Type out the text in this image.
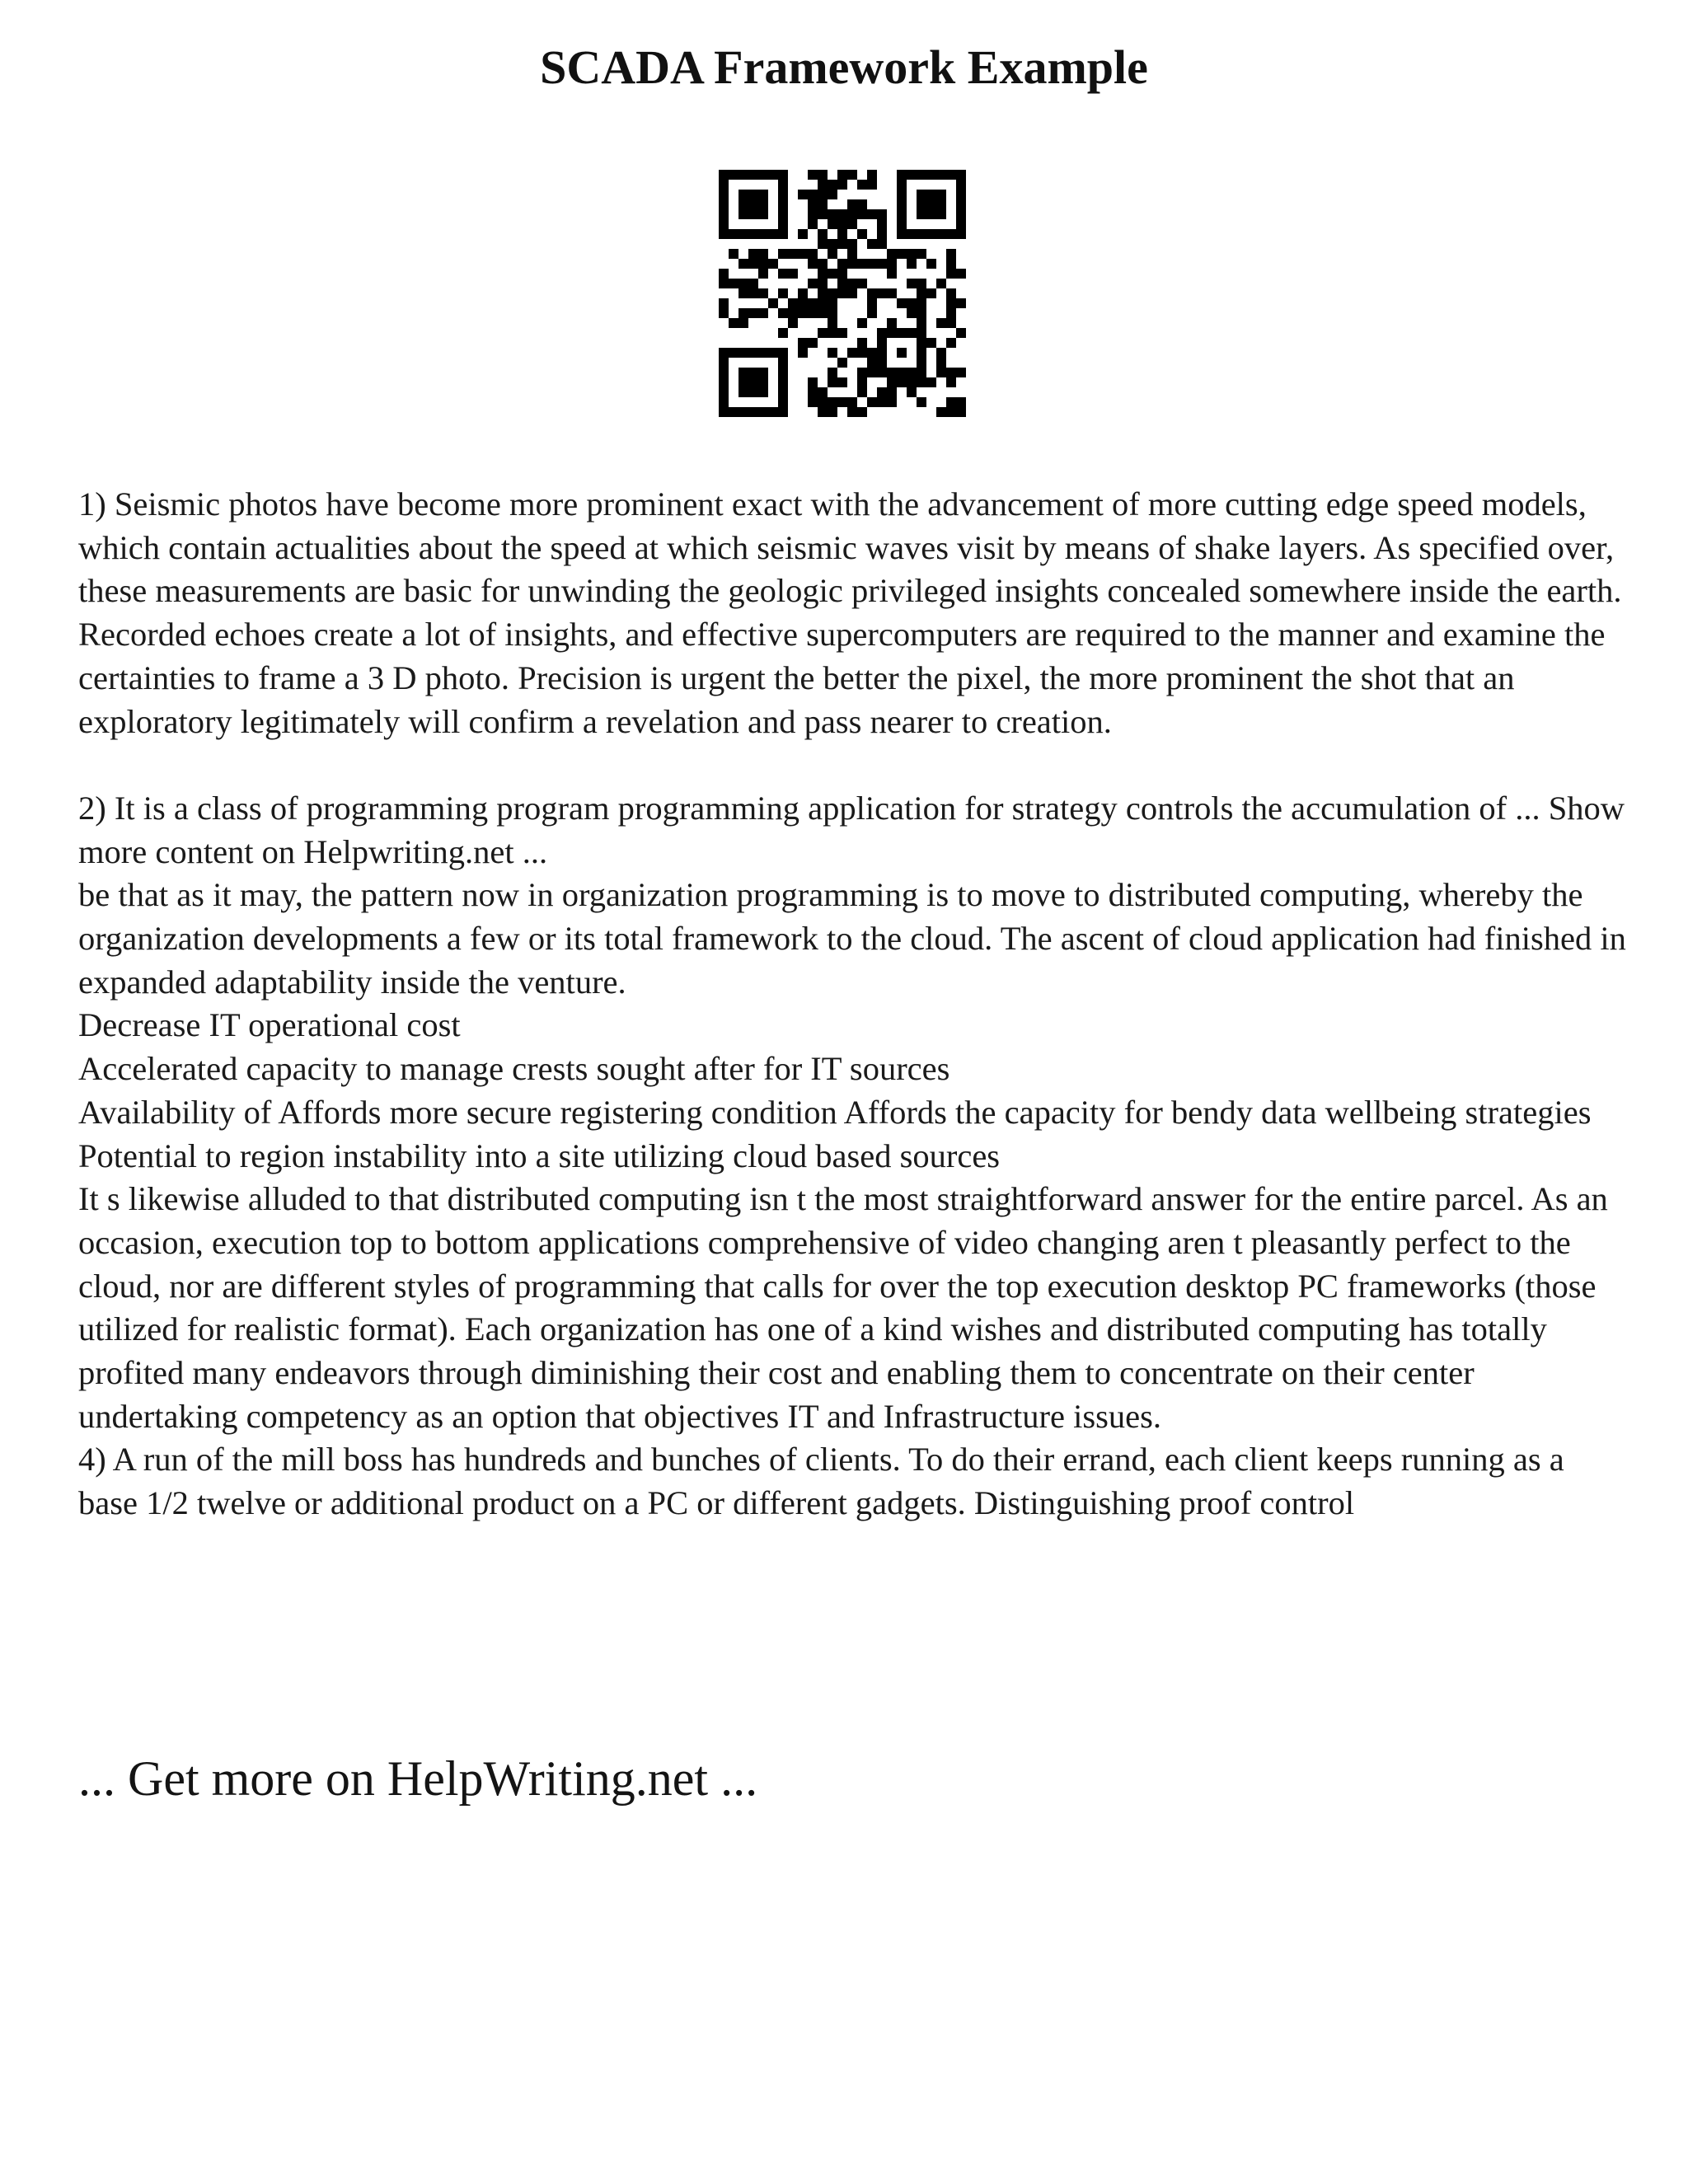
SCADA Framework Example

1) Seismic photos have become more prominent exact with the advancement of more cutting edge speed models, which contain actualities about the speed at which seismic waves visit by means of shake layers. As specified over, these measurements are basic for unwinding the geologic privileged insights concealed somewhere inside the earth. Recorded echoes create a lot of insights, and effective supercomputers are required to the manner and examine the certainties to frame a 3 D photo. Precision is urgent the better the pixel, the more prominent the shot that an exploratory legitimately will confirm a revelation and pass nearer to creation.

2) It is a class of programming program programming application for strategy controls the accumulation of ... Show more content on Helpwriting.net ...

be that as it may, the pattern now in organization programming is to move to distributed computing, whereby the organization developments a few or its total framework to the cloud. The ascent of cloud application had finished in expanded adaptability inside the venture.

Decrease IT operational cost

Accelerated capacity to manage crests sought after for IT sources

Availability of Affords more secure registering condition Affords the capacity for bendy data wellbeing strategies

Potential to region instability into a site utilizing cloud based sources

It s likewise alluded to that distributed computing isn t the most straightforward answer for the entire parcel. As an occasion, execution top to bottom applications comprehensive of video changing aren t pleasantly perfect to the cloud, nor are different styles of programming that calls for over the top execution desktop PC frameworks (those utilized for realistic format). Each organization has one of a kind wishes and distributed computing has totally profited many endeavors through diminishing their cost and enabling them to concentrate on their center undertaking competency as an option that objectives IT and Infrastructure issues.

4) A run of the mill boss has hundreds and bunches of clients. To do their errand, each client keeps running as a base 1/2 twelve or additional product on a PC or different gadgets. Distinguishing proof control

... Get more on HelpWriting.net ...
